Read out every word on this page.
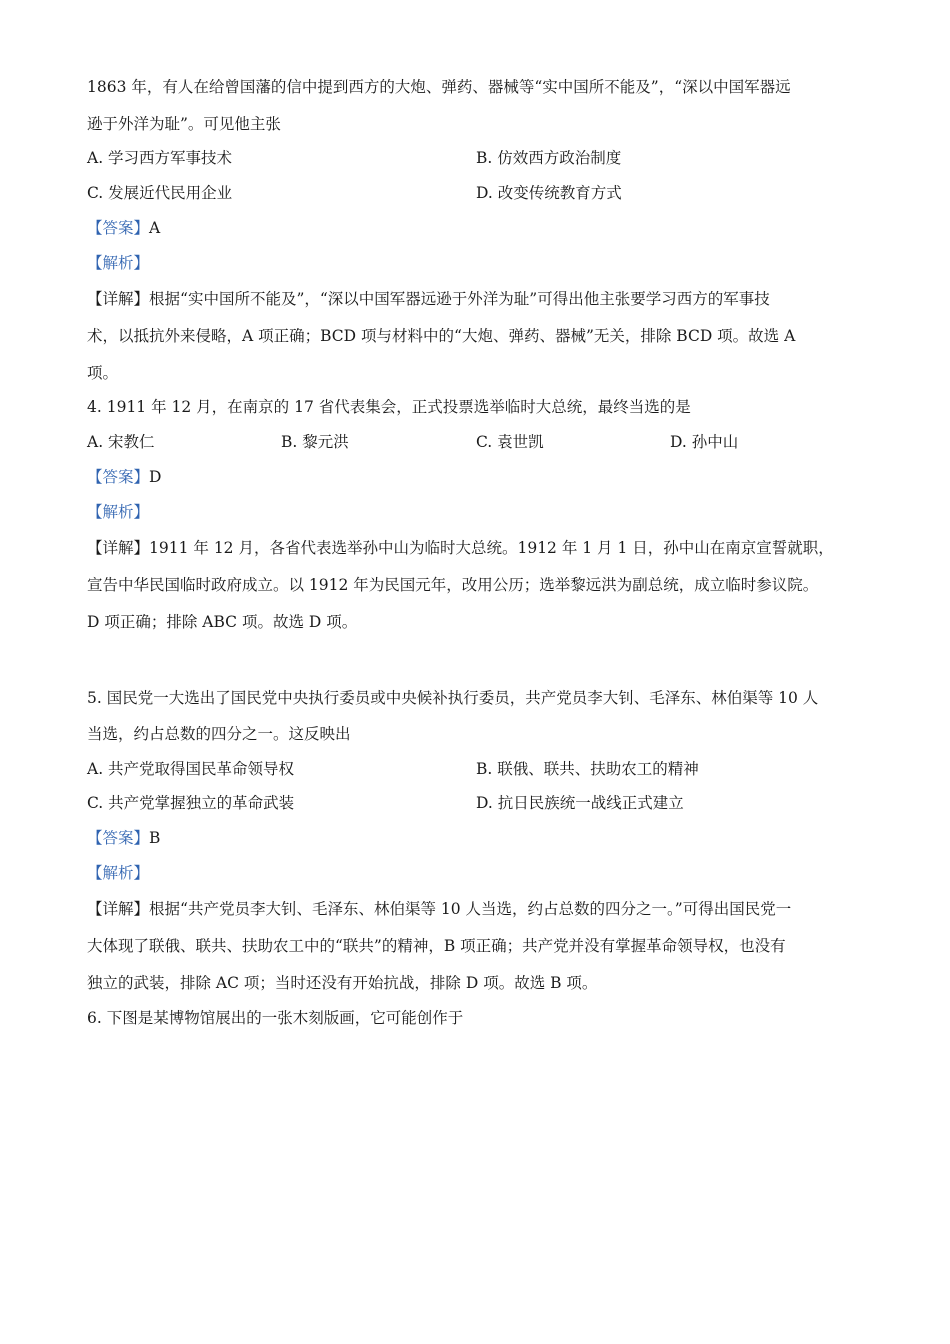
1863 年，有人在给曾国藩的信中提到西方的大炮、弹药、器械等“实中国所不能及”，“深以中国军器远
逊于外洋为耻”。可见他主张
A. 学习西方军事技术	B. 仿效西方政治制度
C. 发展近代民用企业	D. 改变传统教育方式
【答案】A
【解析】
【详解】根据“实中国所不能及”，“深以中国军器远逊于外洋为耻”可得出他主张要学习西方的军事技
术，以抵抗外来侵略，A 项正确；BCD 项与材料中的“大炮、弹药、器械”无关，排除 BCD 项。故选 A
项。
4. 1911 年 12 月，在南京的 17 省代表集会，正式投票选举临时大总统，最终当选的是
A. 宋教仁	B. 黎元洪	C. 袁世凯	D. 孙中山
【答案】D
【解析】
【详解】1911 年 12 月，各省代表选举孙中山为临时大总统。1912 年 1 月 1 日，孙中山在南京宣誓就职，
宣告中华民国临时政府成立。以 1912 年为民国元年，改用公历；选举黎远洪为副总统，成立临时参议院。
D 项正确；排除 ABC 项。故选 D 项。
5. 国民党一大选出了国民党中央执行委员或中央候补执行委员，共产党员李大钊、毛泽东、林伯渠等 10 人
当选，约占总数的四分之一。这反映出
A. 共产党取得国民革命领导权	B. 联俄、联共、扶助农工的精神
C. 共产党掌握独立的革命武装	D. 抗日民族统一战线正式建立
【答案】B
【解析】
【详解】根据“共产党员李大钊、毛泽东、林伯渠等 10 人当选，约占总数的四分之一。”可得出国民党一
大体现了联俄、联共、扶助农工中的“联共”的精神，B 项正确；共产党并没有掌握革命领导权，也没有
独立的武装，排除 AC 项；当时还没有开始抗战，排除 D 项。故选 B 项。
6. 下图是某博物馆展出的一张木刻版画，它可能创作于
